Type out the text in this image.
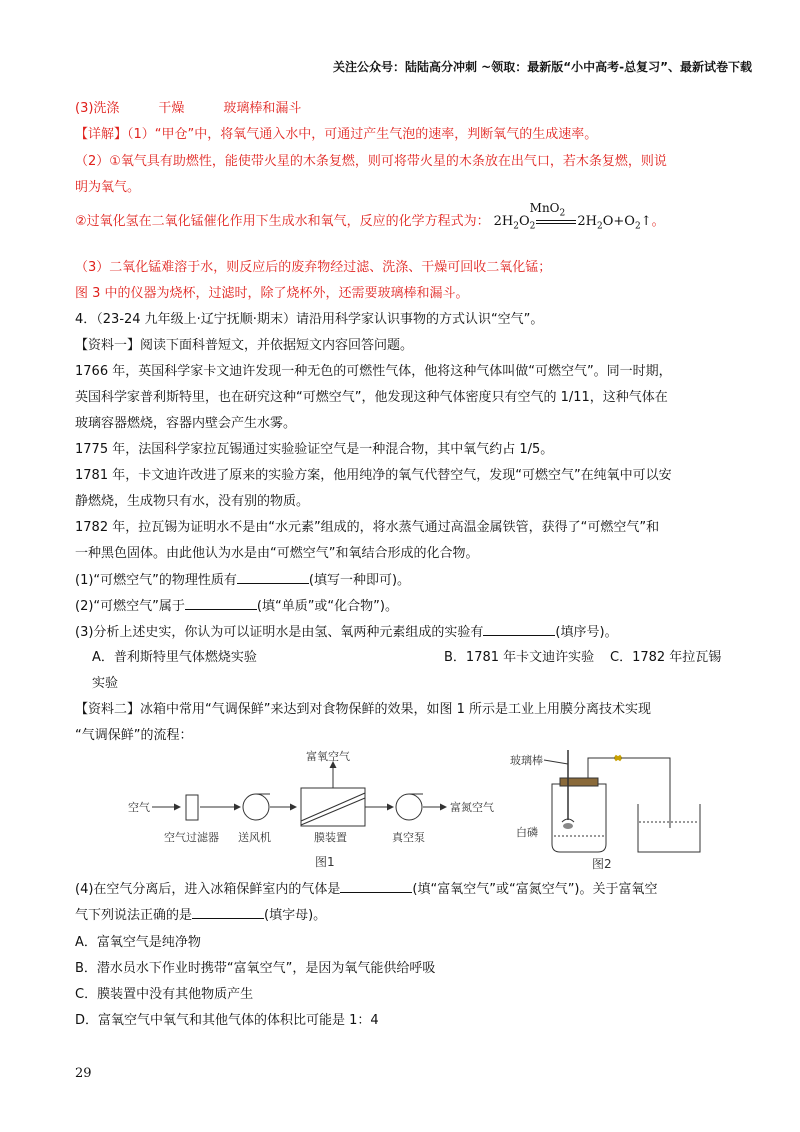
关注公众号：陆陆高分冲刺 ~领取：最新版“小中高考-总复习”、最新试卷下载
(3)洗涤　　　干燥　　　玻璃棒和漏斗
【详解】（1）“甲仓”中，将氧气通入水中，可通过产生气泡的速率，判断氧气的生成速率。
（2）①氧气具有助燃性，能使带火星的木条复燃，则可将带火星的木条放在出气口，若木条复燃，则说
明为氧气。
②过氧化氢在二氧化锰催化作用下生成水和氧气，反应的化学方程式为：
MnO$_2$
$2H_2O_2$	$2H_2O+O_2↑$。
（3）二氧化锰难溶于水，则反应后的废弃物经过滤、洗涤、干燥可回收二氧化锰；
图 3 中的仪器为烧杯，过滤时，除了烧杯外，还需要玻璃棒和漏斗。
4．（23-24 九年级上·辽宁抚顺·期末）请沿用科学家认识事物的方式认识“空气”。
【资料一】阅读下面科普短文，并依据短文内容回答问题。
1766 年，英国科学家卡文迪许发现一种无色的可燃性气体，他将这种气体叫做“可燃空气”。同一时期，
英国科学家普利斯特里，也在研究这种“可燃空气”，他发现这种气体密度只有空气的 1/11，这种气体在
玻璃容器燃烧，容器内壁会产生水雾。
1775 年，法国科学家拉瓦锡通过实验验证空气是一种混合物，其中氧气约占 1/5。
1781 年，卡文迪许改进了原来的实验方案，他用纯净的氧气代替空气，发现“可燃空气”在纯氧中可以安
静燃烧，生成物只有水，没有别的物质。
1782 年，拉瓦锡为证明水不是由“水元素”组成的，将水蒸气通过高温金属铁管，获得了“可燃空气”和
一种黑色固体。由此他认为水是由“可燃空气”和氧结合形成的化合物。
(1)“可燃空气”的物理性质有	(填写一种即可)。
(2)“可燃空气”属于	(填“单质”或“化合物”)。
(3)分析上述史实，你认为可以证明水是由氢、氧两种元素组成的实验有	(填序号)。
A．普利斯特里气体燃烧实验	B．1781 年卡文迪许实验 C．1782 年拉瓦锡
实验
【资料二】冰箱中常用“气调保鲜”来达到对食物保鲜的效果，如图 1 所示是工业上用膜分离技术实现
“气调保鲜”的流程：
空气
富氧空气
富氮空气
空气过滤器 送风机	膜装置	真空泵
图1
玻璃棒
白磷
图2
(4)在空气分离后，进入冰箱保鲜室内的气体是	(填“富氧空气”或“富氮空气”)。关于富氧空
气下列说法正确的是	(填字母)。
A．富氧空气是纯净物
B．潜水员水下作业时携带“富氧空气”，是因为氧气能供给呼吸
C．膜装置中没有其他物质产生
D．富氧空气中氧气和其他气体的体积比可能是 1：4
29
